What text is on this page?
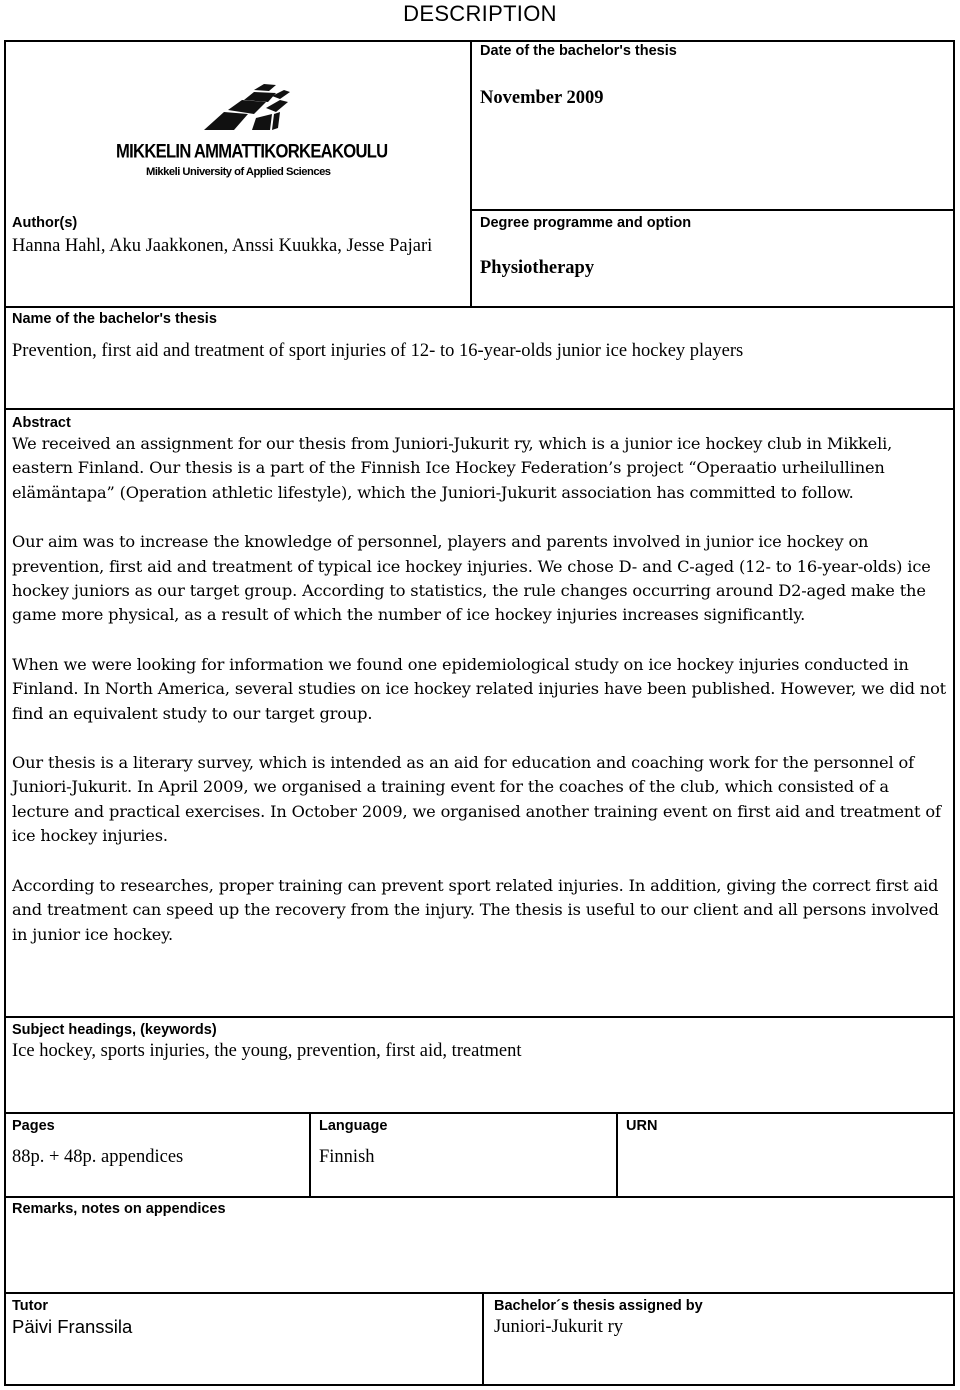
DESCRIPTION
MIKKELIN AMMATTIKORKEAKOULU
Mikkeli University of Applied Sciences
Date of the bachelor's thesis
November 2009
Author(s)
Hanna Hahl, Aku Jaakkonen, Anssi Kuukka, Jesse Pajari
Degree programme and option
Physiotherapy
Name of the bachelor's thesis
Prevention, first aid and treatment of sport injuries of 12- to 16-year-olds junior ice hockey players
Abstract

We received an assignment for our thesis from Juniori-Jukurit ry, which is a junior ice hockey club in Mikkeli, eastern Finland. Our thesis is a part of the Finnish Ice Hockey Federation’s project “Operaatio urheilullinen elämäntapa” (Operation athletic lifestyle), which the Juniori-Jukurit association has committed to follow.

Our aim was to increase the knowledge of personnel, players and parents involved in junior ice hockey on prevention, first aid and treatment of typical ice hockey injuries. We chose D- and C-aged (12- to 16-year-olds) ice hockey juniors as our target group. According to statistics, the rule changes occurring around D2-aged make the game more physical, as a result of which the number of ice hockey injuries increases significantly.

When we were looking for information we found one epidemiological study on ice hockey injuries conducted in Finland. In North America, several studies on ice hockey related injuries have been published. However, we did not find an equivalent study to our target group.

Our thesis is a literary survey, which is intended as an aid for education and coaching work for the personnel of Juniori-Jukurit. In April 2009, we organised a training event for the coaches of the club, which consisted of a lecture and practical exercises. In October 2009, we organised another training event on first aid and treatment of ice hockey injuries.

According to researches, proper training can prevent sport related injuries. In addition, giving the correct first aid and treatment can speed up the recovery from the injury. The thesis is useful to our client and all persons involved in junior ice hockey.

Subject headings, (keywords)
Ice hockey, sports injuries, the young, prevention, first aid, treatment
Pages
88p. + 48p. appendices
Language
Finnish
URN
Remarks, notes on appendices
Tutor
Päivi Franssila
Bachelor´s thesis assigned by
Juniori-Jukurit ry
